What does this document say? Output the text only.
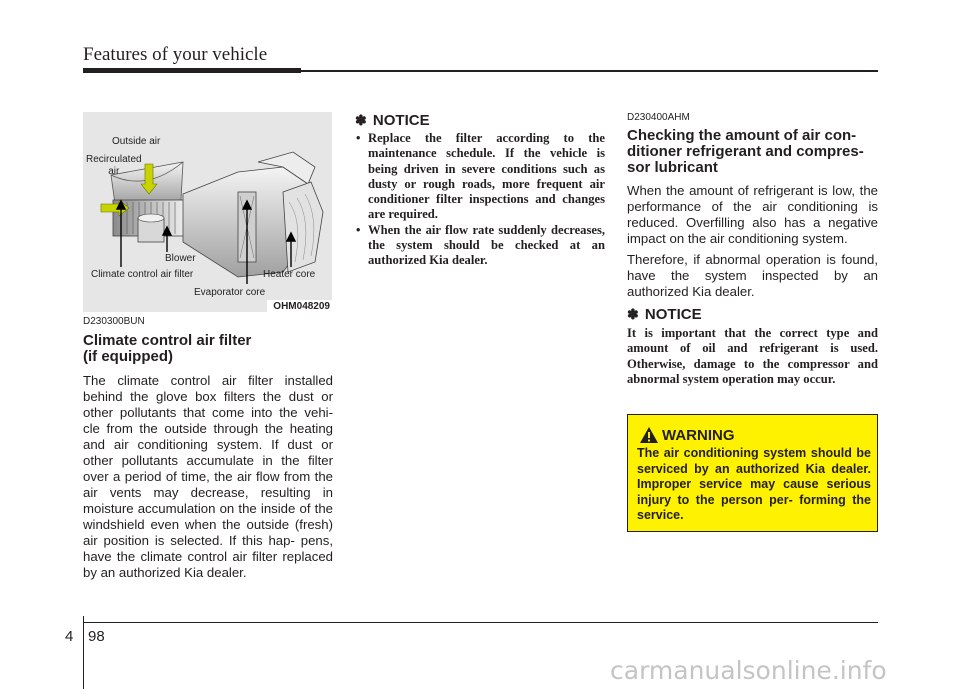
Features of your vehicle
Outside air
Recirculated
air
Blower
Climate control air filter	Heater core
Evaporator core
OHM048209
D230300BUN
Climate control air filter
(if equipped)
The climate control air filter installed behind the glove box filters the dust or other pollutants that come into the vehi- cle from the outside through the heating and air conditioning system. If dust or other pollutants accumulate in the filter over a period of time, the air flow from the air vents may decrease, resulting in moisture accumulation on the inside of the windshield even when the outside (fresh) air position is selected. If this hap- pens, have the climate control air filter replaced by an authorized Kia dealer.
✽ NOTICE
• Replace the filter according to the maintenance schedule. If the vehicle is being driven in severe conditions such as dusty or rough roads, more frequent air conditioner filter inspections and changes are required.
• When the air flow rate suddenly decreases, the system should be checked at an authorized Kia dealer.
D230400AHM
Checking the amount of air con- ditioner refrigerant and compres- sor lubricant
When the amount of refrigerant is low, the performance of the air conditioning is reduced. Overfilling also has a negative impact on the air conditioning system.
Therefore, if abnormal operation is found, have the system inspected by an authorized Kia dealer.
✽ NOTICE
It is important that the correct type and amount of oil and refrigerant is used. Otherwise, damage to the compressor and abnormal system operation may occur.
WARNING
The air conditioning system should be serviced by an authorized Kia dealer. Improper service may cause serious injury to the person per- forming the service.
4 98
carmanualsonline.info
